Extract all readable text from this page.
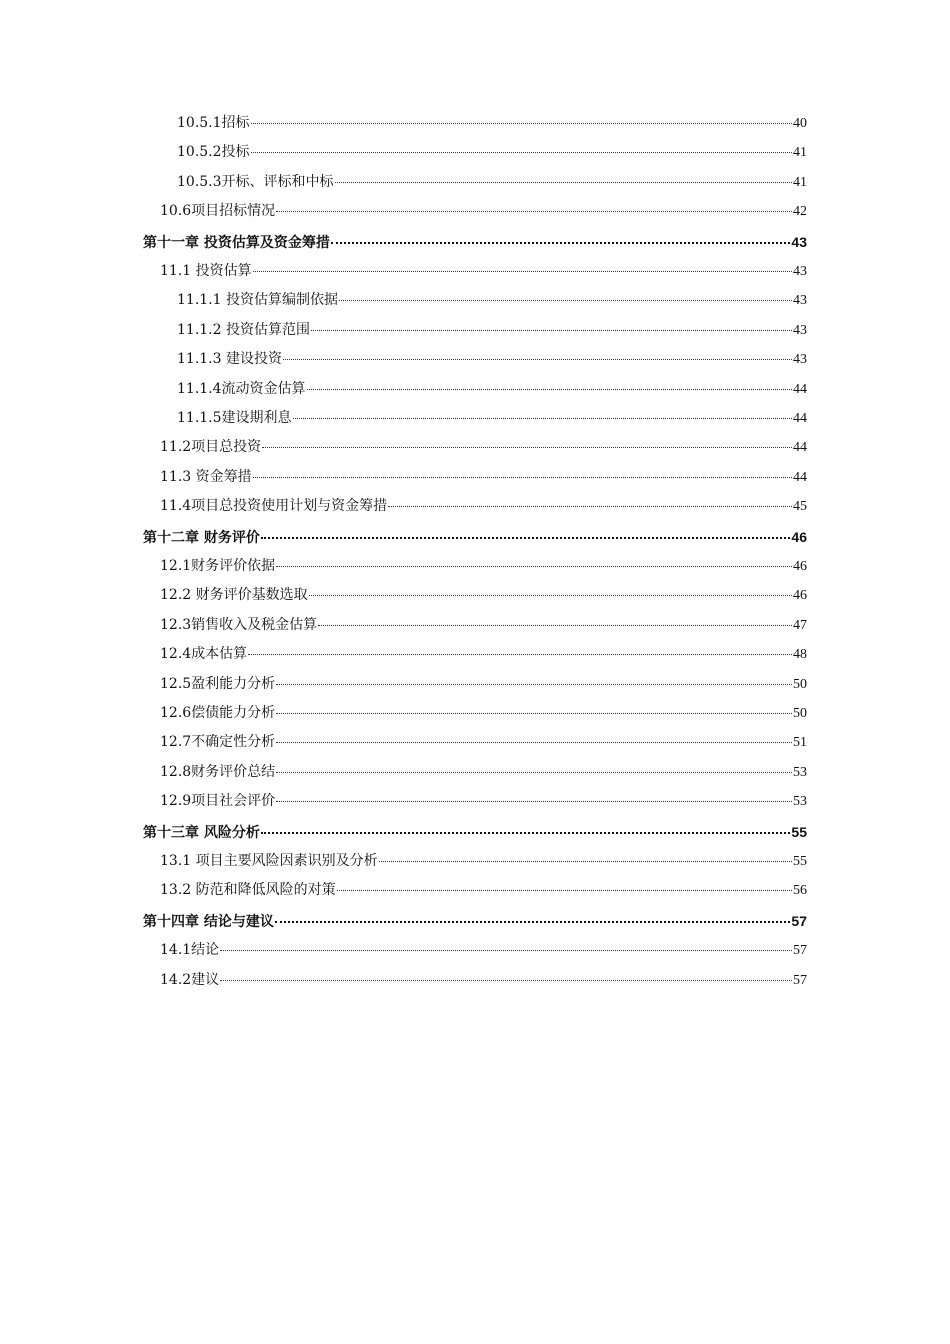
10.5.1招标	40
10.5.2投标	41
10.5.3开标、评标和中标	41
10.6项目招标情况	42
第十一章 投资估算及资金筹措	43
11.1 投资估算	43
11.1.1 投资估算编制依据	43
11.1.2 投资估算范围	43
11.1.3 建设投资	43
11.1.4流动资金估算	44
11.1.5建设期利息	44
11.2项目总投资	44
11.3 资金筹措	44
11.4项目总投资使用计划与资金筹措	45
第十二章 财务评价	46
12.1财务评价依据	46
12.2 财务评价基数选取	46
12.3销售收入及税金估算	47
12.4成本估算	48
12.5盈利能力分析	50
12.6偿债能力分析	50
12.7不确定性分析	51
12.8财务评价总结	53
12.9项目社会评价	53
第十三章 风险分析	55
13.1 项目主要风险因素识别及分析	55
13.2 防范和降低风险的对策	56
第十四章 结论与建议	57
14.1结论	57
14.2建议	57
